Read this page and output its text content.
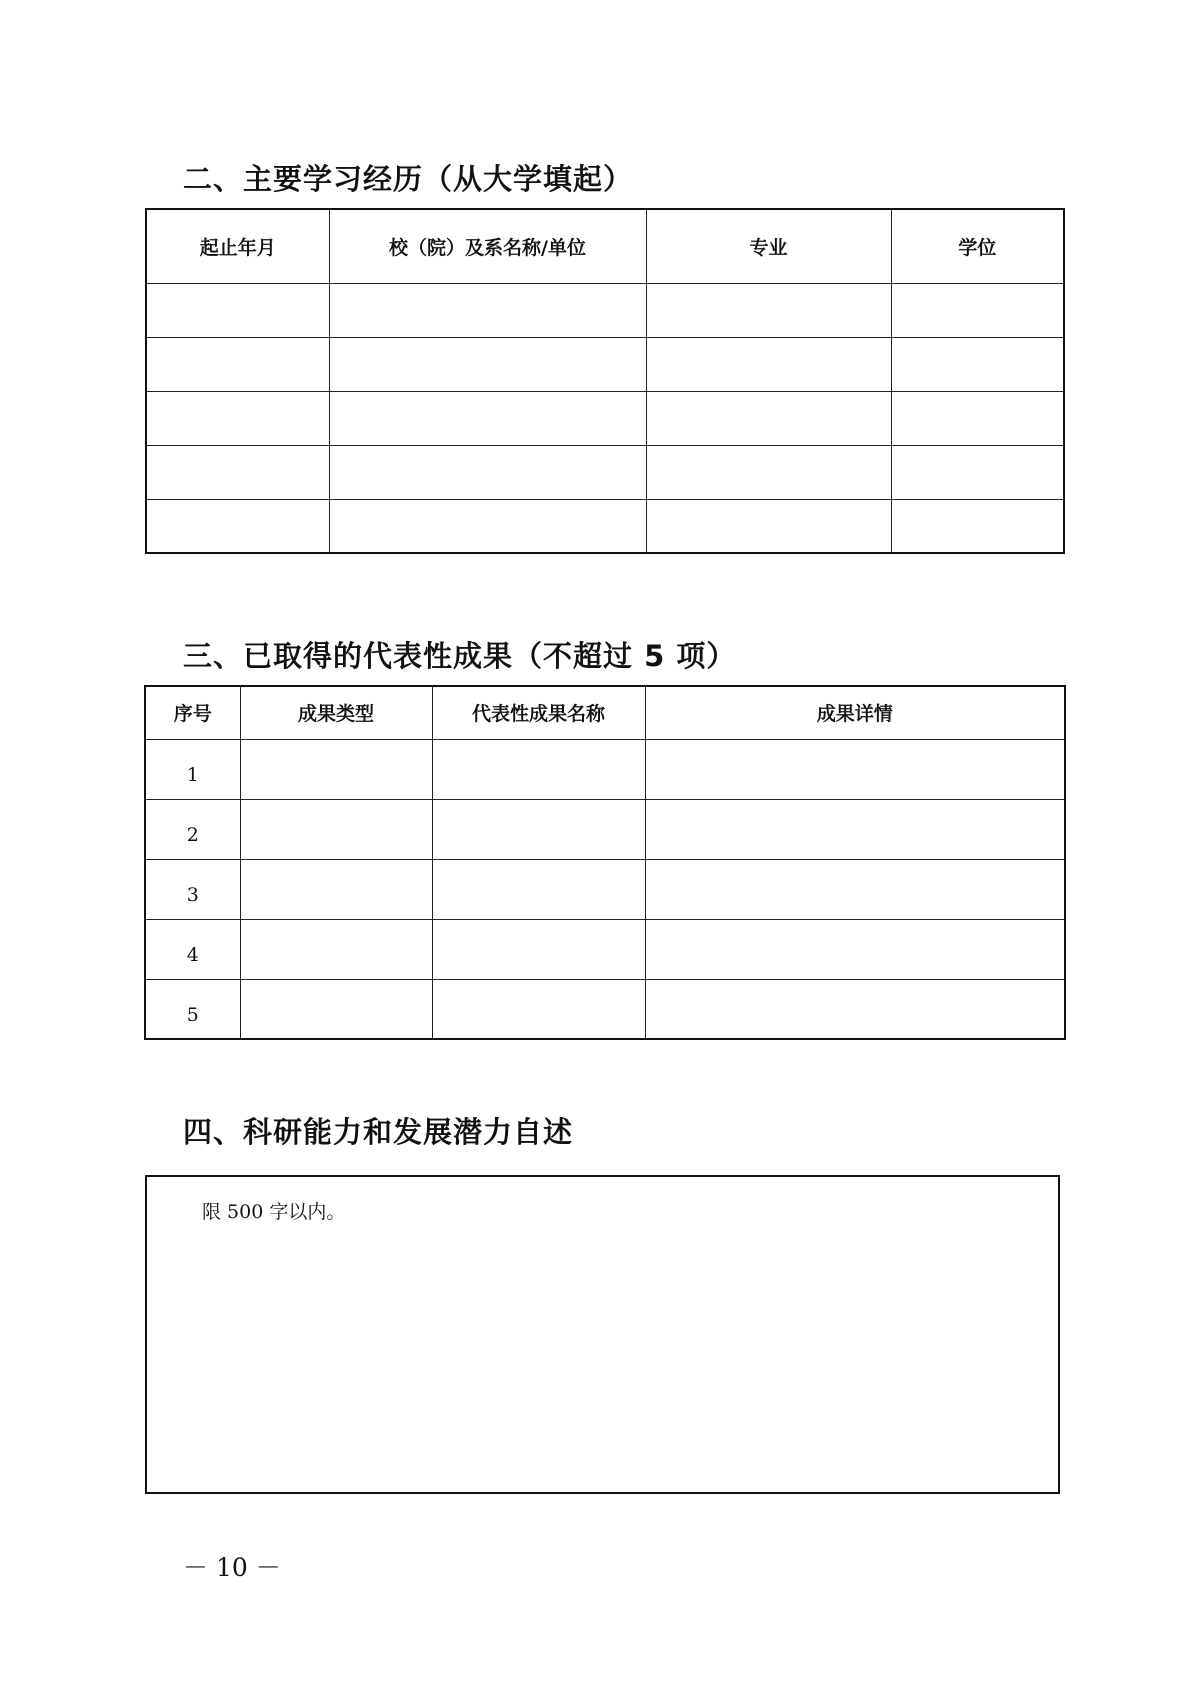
二、主要学习经历（从大学填起）
起止年月	校（院）及系名称/单位	专业	学位

三、已取得的代表性成果（不超过 5 项）
序号	成果类型	代表性成果名称	成果详情
1			
2			
3			
4			
5			
四、科研能力和发展潜力自述
限 500 字以内。
－ 10 －
